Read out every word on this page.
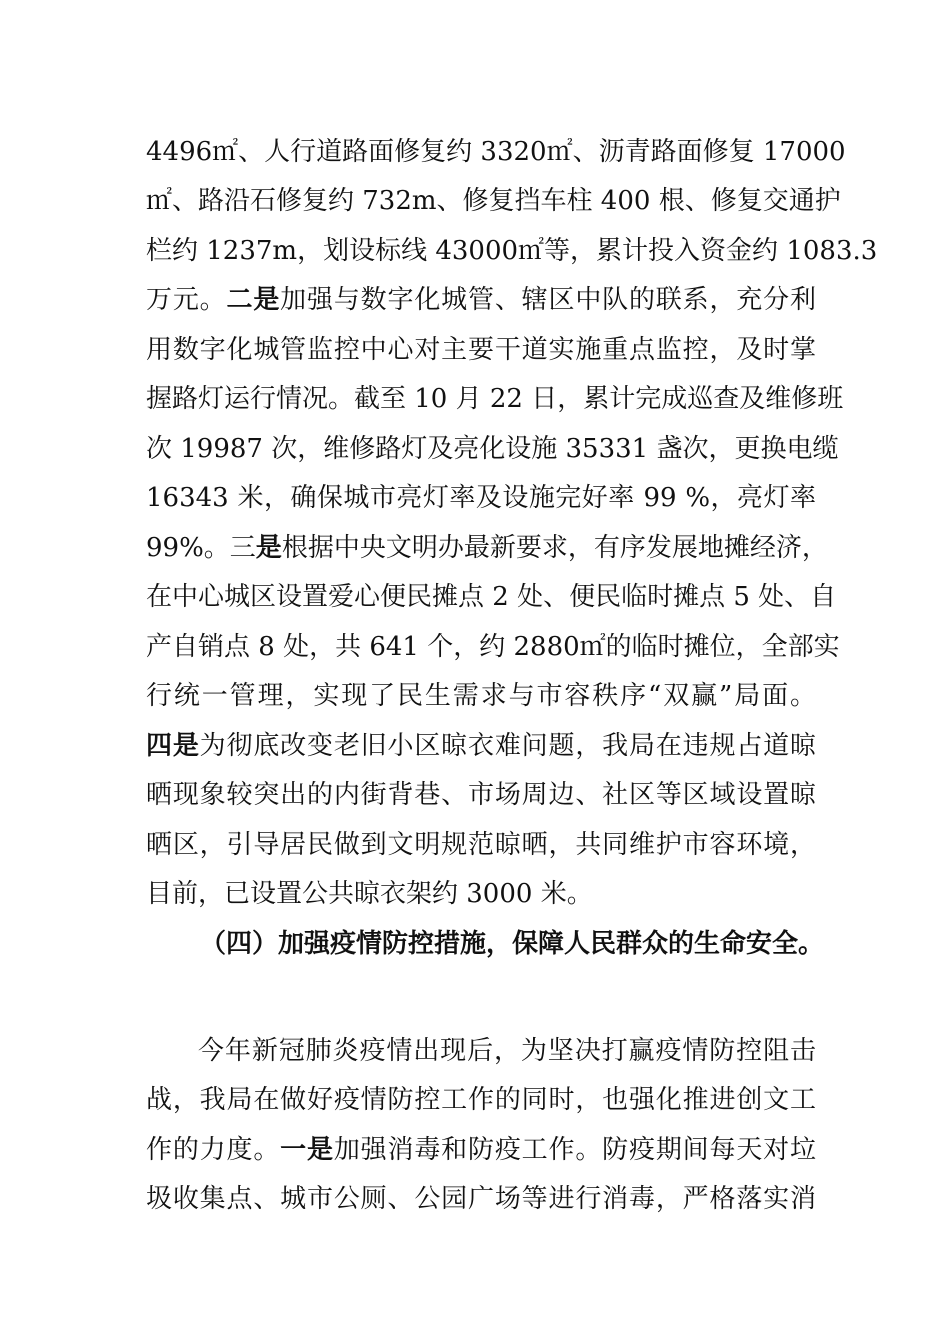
4496㎡、人行道路面修复约 3320㎡、沥青路面修复 17000
㎡、路沿石修复约 732m、修复挡车柱 400 根、修复交通护
栏约 1237m，划设标线 43000㎡等，累计投入资金约 1083.3
万元。二是加强与数字化城管、辖区中队的联系，充分利
用数字化城管监控中心对主要干道实施重点监控，及时掌
握路灯运行情况。截至 10 月 22 日，累计完成巡查及维修班
次 19987 次，维修路灯及亮化设施 35331 盏次，更换电缆
16343 米，确保城市亮灯率及设施完好率 99 %，亮灯率
99%。三是根据中央文明办最新要求，有序发展地摊经济，
在中心城区设置爱心便民摊点 2 处、便民临时摊点 5 处、自
产自销点 8 处，共 641 个，约 2880㎡的临时摊位，全部实
行统一管理，实现了民生需求与市容秩序“双赢”局面。
四是为彻底改变老旧小区晾衣难问题，我局在违规占道晾
晒现象较突出的内街背巷、市场周边、社区等区域设置晾
晒区，引导居民做到文明规范晾晒，共同维护市容环境，
目前，已设置公共晾衣架约 3000 米。
（四）加强疫情防控措施，保障人民群众的生命安全。
今年新冠肺炎疫情出现后，为坚决打赢疫情防控阻击
战，我局在做好疫情防控工作的同时，也强化推进创文工
作的力度。一是加强消毒和防疫工作。防疫期间每天对垃
圾收集点、城市公厕、公园广场等进行消毒，严格落实消
